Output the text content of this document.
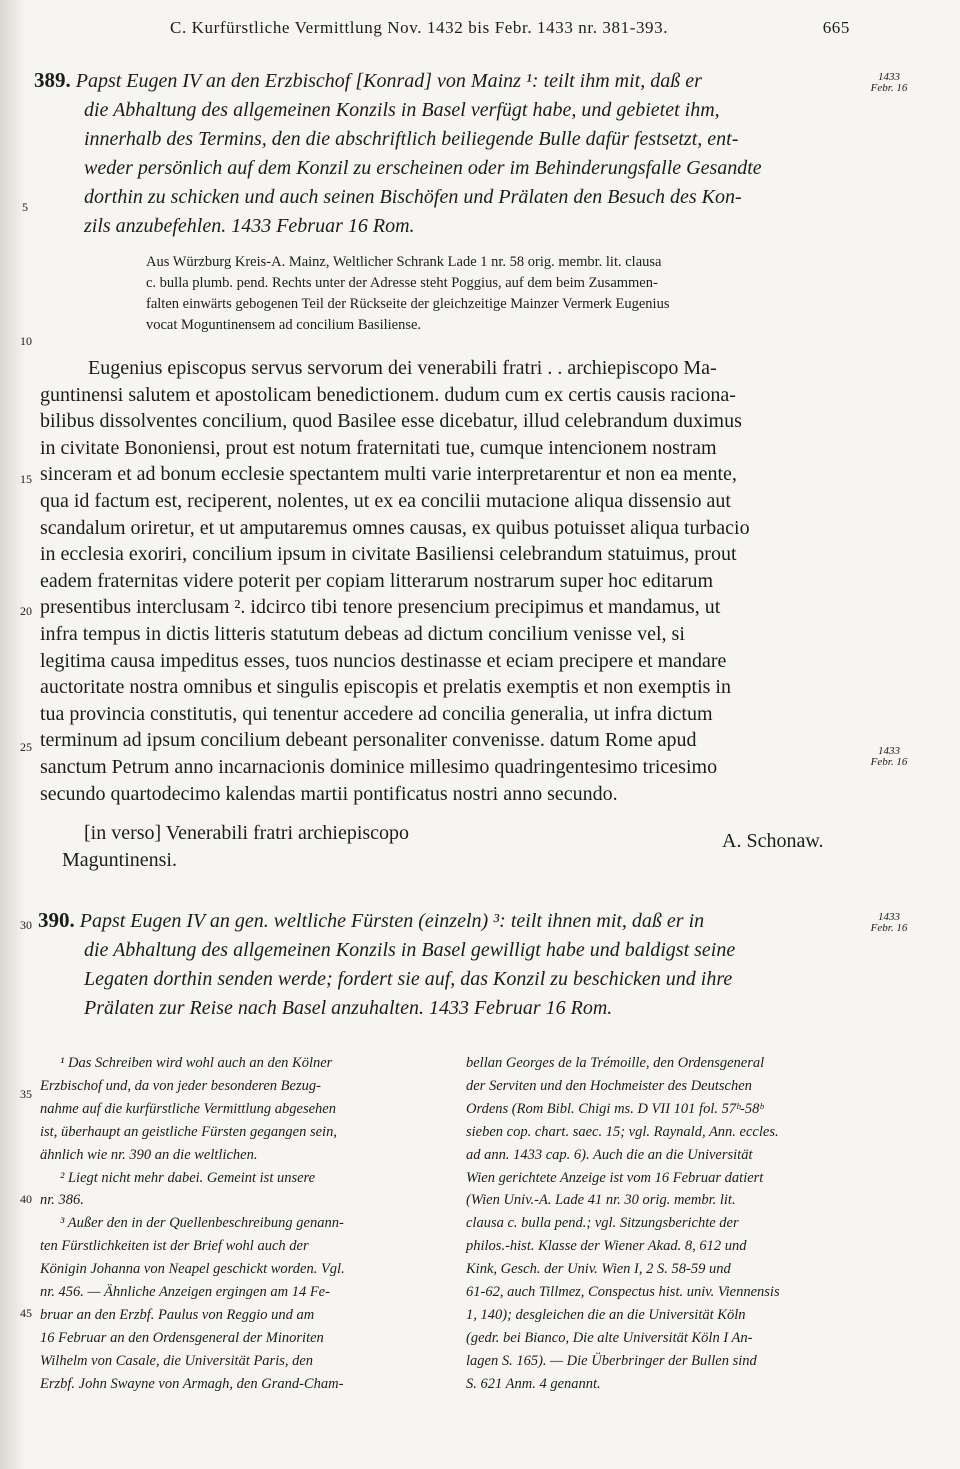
C. Kurfürstliche Vermittlung Nov. 1432 bis Febr. 1433 nr. 381-393.	665
389. Papst Eugen IV an den Erzbischof [Konrad] von Mainz ¹: teilt ihm mit, daß er
die Abhaltung des allgemeinen Konzils in Basel verfügt habe, und gebietet ihm,
innerhalb des Termins, den die abschriftlich beiliegende Bulle dafür festsetzt, ent-
weder persönlich auf dem Konzil zu erscheinen oder im Behinderungsfalle Gesandte
dorthin zu schicken und auch seinen Bischöfen und Prälaten den Besuch des Kon-
zils anzubefehlen. 1433 Februar 16 Rom.
1433
Febr. 16
Aus Würzburg Kreis-A. Mainz, Weltlicher Schrank Lade 1 nr. 58 orig. membr. lit. clausa
c. bulla plumb. pend. Rechts unter der Adresse steht Poggius, auf dem beim Zusammen-
falten einwärts gebogenen Teil der Rückseite der gleichzeitige Mainzer Vermerk Eugenius
vocat Moguntinensem ad concilium Basiliense.
5
10
15
20
25
30
35
40
45
Eugenius episcopus servus servorum dei venerabili fratri . . archiepiscopo Ma-
guntinensi salutem et apostolicam benedictionem. dudum cum ex certis causis raciona-
bilibus dissolventes concilium, quod Basilee esse dicebatur, illud celebrandum duximus
in civitate Bononiensi, prout est notum fraternitati tue, cumque intencionem nostram
sinceram et ad bonum ecclesie spectantem multi varie interpretarentur et non ea mente,
qua id factum est, reciperent, nolentes, ut ex ea concilii mutacione aliqua dissensio aut
scandalum oriretur, et ut amputaremus omnes causas, ex quibus potuisset aliqua turbacio
in ecclesia exoriri, concilium ipsum in civitate Basiliensi celebrandum statuimus, prout
eadem fraternitas videre poterit per copiam litterarum nostrarum super hoc editarum
presentibus interclusam ². idcirco tibi tenore presencium precipimus et mandamus, ut
infra tempus in dictis litteris statutum debeas ad dictum concilium venisse vel, si
legitima causa impeditus esses, tuos nuncios destinasse et eciam precipere et mandare
auctoritate nostra omnibus et singulis episcopis et prelatis exemptis et non exemptis in
tua provincia constitutis, qui tenentur accedere ad concilia generalia, ut infra dictum
terminum ad ipsum concilium debeant personaliter convenisse. datum Rome apud
sanctum Petrum anno incarnacionis dominice millesimo quadringentesimo tricesimo
secundo quartodecimo kalendas martii pontificatus nostri anno secundo.
1433
Febr. 16
[in verso] Venerabili fratri archiepiscopo
Maguntinensi.
A. Schonaw.
390. Papst Eugen IV an gen. weltliche Fürsten (einzeln) ³: teilt ihnen mit, daß er in
die Abhaltung des allgemeinen Konzils in Basel gewilligt habe und baldigst seine
Legaten dorthin senden werde; fordert sie auf, das Konzil zu beschicken und ihre
Prälaten zur Reise nach Basel anzuhalten. 1433 Februar 16 Rom.
1433
Febr. 16
¹ Das Schreiben wird wohl auch an den Kölner
Erzbischof und, da von jeder besonderen Bezug-
nahme auf die kurfürstliche Vermittlung abgesehen
ist, überhaupt an geistliche Fürsten gegangen sein,
ähnlich wie nr. 390 an die weltlichen.
² Liegt nicht mehr dabei. Gemeint ist unsere
nr. 386.
³ Außer den in der Quellenbeschreibung genann-
ten Fürstlichkeiten ist der Brief wohl auch der
Königin Johanna von Neapel geschickt worden. Vgl.
nr. 456. — Ähnliche Anzeigen ergingen am 14 Fe-
bruar an den Erzbf. Paulus von Reggio und am
16 Februar an den Ordensgeneral der Minoriten
Wilhelm von Casale, die Universität Paris, den
Erzbf. John Swayne von Armagh, den Grand-Cham-
bellan Georges de la Trémoille, den Ordensgeneral
der Serviten und den Hochmeister des Deutschen
Ordens (Rom Bibl. Chigi ms. D VII 101 fol. 57ᵇ-58ᵇ
sieben cop. chart. saec. 15; vgl. Raynald, Ann. eccles.
ad ann. 1433 cap. 6). Auch die an die Universität
Wien gerichtete Anzeige ist vom 16 Februar datiert
(Wien Univ.-A. Lade 41 nr. 30 orig. membr. lit.
clausa c. bulla pend.; vgl. Sitzungsberichte der
philos.-hist. Klasse der Wiener Akad. 8, 612 und
Kink, Gesch. der Univ. Wien I, 2 S. 58-59 und
61-62, auch Tillmez, Conspectus hist. univ. Viennensis
1, 140); desgleichen die an die Universität Köln
(gedr. bei Bianco, Die alte Universität Köln I An-
lagen S. 165). — Die Überbringer der Bullen sind
S. 621 Anm. 4 genannt.
